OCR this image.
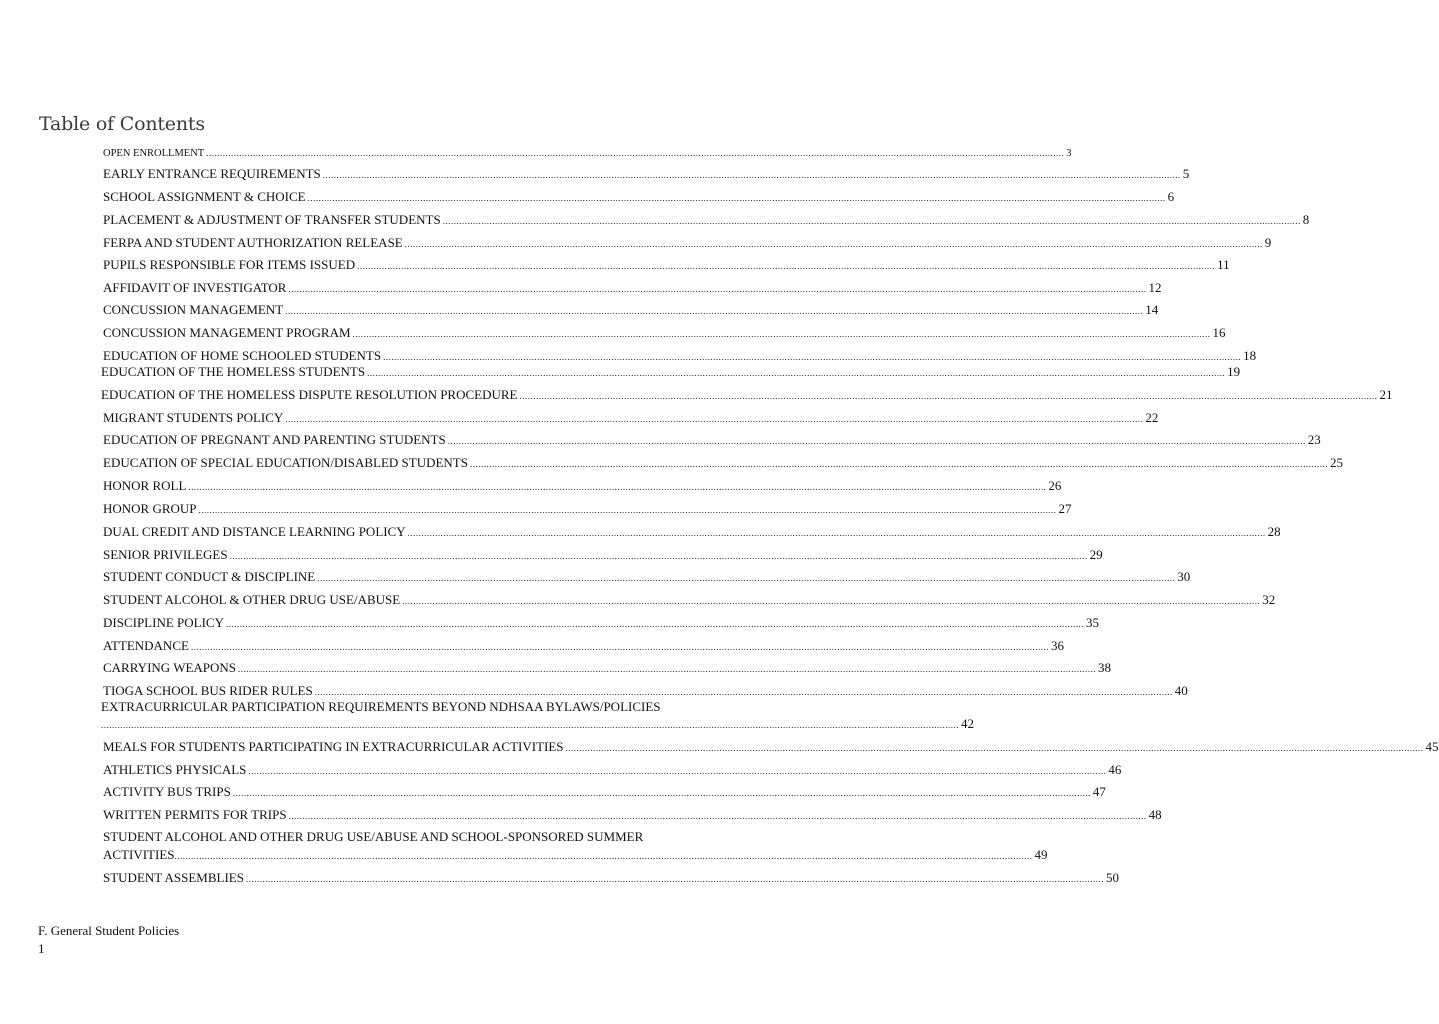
Table of Contents
OPEN ENROLLMENT ........................................................................................................................................................................................................................................................................................................................ 3
EARLY ENTRANCE REQUIREMENTS ........................................................................................................................................................................................................................................................................................................................ 5
SCHOOL ASSIGNMENT & CHOICE ........................................................................................................................................................................................................................................................................................................................ 6
PLACEMENT & ADJUSTMENT OF TRANSFER STUDENTS ........................................................................................................................................................................................................................................................................................................................ 8
FERPA AND STUDENT AUTHORIZATION RELEASE ........................................................................................................................................................................................................................................................................................................................ 9
PUPILS RESPONSIBLE FOR ITEMS ISSUED ........................................................................................................................................................................................................................................................................................................................ 11
AFFIDAVIT OF INVESTIGATOR ........................................................................................................................................................................................................................................................................................................................ 12
CONCUSSION MANAGEMENT ........................................................................................................................................................................................................................................................................................................................ 14
CONCUSSION MANAGEMENT PROGRAM ........................................................................................................................................................................................................................................................................................................................ 16
EDUCATION OF HOME SCHOOLED STUDENTS ........................................................................................................................................................................................................................................................................................................................ 18
EDUCATION OF THE HOMELESS STUDENTS ........................................................................................................................................................................................................................................................................................................................ 19
EDUCATION OF THE HOMELESS DISPUTE RESOLUTION PROCEDURE ........................................................................................................................................................................................................................................................................................................................ 21
MIGRANT STUDENTS POLICY ........................................................................................................................................................................................................................................................................................................................ 22
EDUCATION OF PREGNANT AND PARENTING STUDENTS ........................................................................................................................................................................................................................................................................................................................ 23
EDUCATION OF SPECIAL EDUCATION/DISABLED STUDENTS ........................................................................................................................................................................................................................................................................................................................ 25
HONOR ROLL ........................................................................................................................................................................................................................................................................................................................ 26
HONOR GROUP ........................................................................................................................................................................................................................................................................................................................ 27
DUAL CREDIT AND DISTANCE LEARNING POLICY ........................................................................................................................................................................................................................................................................................................................ 28
SENIOR PRIVILEGES ........................................................................................................................................................................................................................................................................................................................ 29
STUDENT CONDUCT & DISCIPLINE ........................................................................................................................................................................................................................................................................................................................ 30
STUDENT ALCOHOL & OTHER DRUG USE/ABUSE ........................................................................................................................................................................................................................................................................................................................ 32
DISCIPLINE POLICY ........................................................................................................................................................................................................................................................................................................................ 35
ATTENDANCE ........................................................................................................................................................................................................................................................................................................................ 36
CARRYING WEAPONS ........................................................................................................................................................................................................................................................................................................................ 38
TIOGA SCHOOL BUS RIDER RULES ........................................................................................................................................................................................................................................................................................................................ 40
EXTRACURRICULAR PARTICIPATION REQUIREMENTS BEYOND NDHSAA BYLAWS/POLICIES
........................................................................................................................................................................................................................................................................................................................ 42
MEALS FOR STUDENTS PARTICIPATING IN EXTRACURRICULAR ACTIVITIES ........................................................................................................................................................................................................................................................................................................................ 45
ATHLETICS PHYSICALS ........................................................................................................................................................................................................................................................................................................................ 46
ACTIVITY BUS TRIPS ........................................................................................................................................................................................................................................................................................................................ 47
WRITTEN PERMITS FOR TRIPS ........................................................................................................................................................................................................................................................................................................................ 48
STUDENT ALCOHOL AND OTHER DRUG USE/ABUSE AND SCHOOL-SPONSORED SUMMER
ACTIVITIES ........................................................................................................................................................................................................................................................................................................................ 49
STUDENT ASSEMBLIES ........................................................................................................................................................................................................................................................................................................................ 50
F. General Student Policies
1
